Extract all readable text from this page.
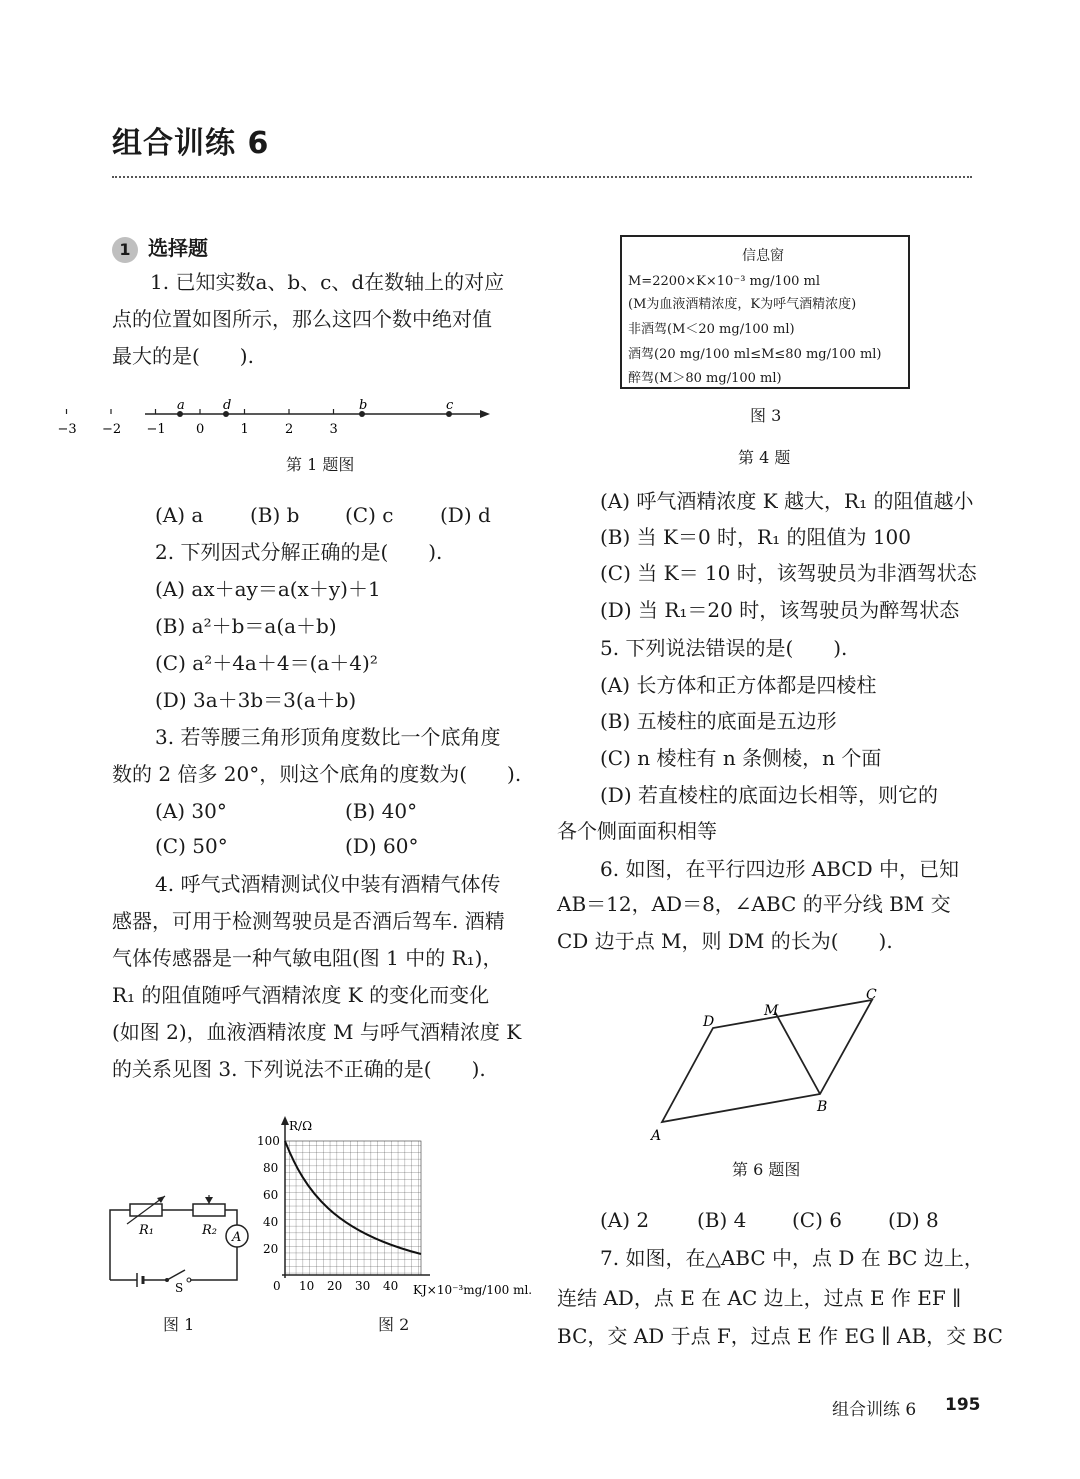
组合训练 6
1 选择题
1. 已知实数a、b、c、d在数轴上的对应
点的位置如图所示，那么这四个数中绝对值
最大的是(　　).
−3 −2 −1 0	1	2	3
a	d	b	c
第 1 题图
(A) a (B) b (C) c (D) d
2. 下列因式分解正确的是(　　).
(A) ax＋ay＝a(x＋y)＋1
(B) a²＋b＝a(a＋b)
(C) a²＋4a＋4＝(a＋4)²
(D) 3a＋3b＝3(a＋b)
3. 若等腰三角形顶角度数比一个底角度
数的 2 倍多 20°，则这个底角的度数为(　　).
(A) 30°	(B) 40°
(C) 50°	(D) 60°
4. 呼气式酒精测试仪中装有酒精气体传
感器，可用于检测驾驶员是否酒后驾车. 酒精
气体传感器是一种气敏电阻(图 1 中的 R₁)，
R₁ 的阻值随呼气酒精浓度 K 的变化而变化
(如图 2)，血液酒精浓度 M 与呼气酒精浓度 K
的关系见图 3. 下列说法不正确的是(　　).
A
R₁	R₂
S
图 1
R/Ω
100
80
60
40
20
0 10 20 30 40 KJ×10⁻³mg/100 ml.
图 2
信息窗
M=2200×K×10⁻³ mg/100 ml
(M为血液酒精浓度，K为呼气酒精浓度)
非酒驾(M＜20 mg/100 ml)
酒驾(20 mg/100 ml≤M≤80 mg/100 ml)
醉驾(M＞80 mg/100 ml)
图 3
第 4 题
(A) 呼气酒精浓度 K 越大，R₁ 的阻值越小
(B) 当 K＝0 时，R₁ 的阻值为 100
(C) 当 K＝ 10 时，该驾驶员为非酒驾状态
(D) 当 R₁＝20 时，该驾驶员为醉驾状态
5. 下列说法错误的是(　　).
(A) 长方体和正方体都是四棱柱
(B) 五棱柱的底面是五边形
(C) n 棱柱有 n 条侧棱，n 个面
(D) 若直棱柱的底面边长相等，则它的
各个侧面面积相等
6. 如图，在平行四边形 ABCD 中，已知
AB＝12，AD＝8，∠ABC 的平分线 BM 交
CD 边于点 M，则 DM 的长为(　　).
D
M
C
A
B
第 6 题图
(A) 2 (B) 4 (C) 6 (D) 8
7. 如图，在△ABC 中，点 D 在 BC 边上，
连结 AD，点 E 在 AC 边上，过点 E 作 EF ∥
BC，交 AD 于点 F，过点 E 作 EG ∥ AB，交 BC
组合训练 6 195
